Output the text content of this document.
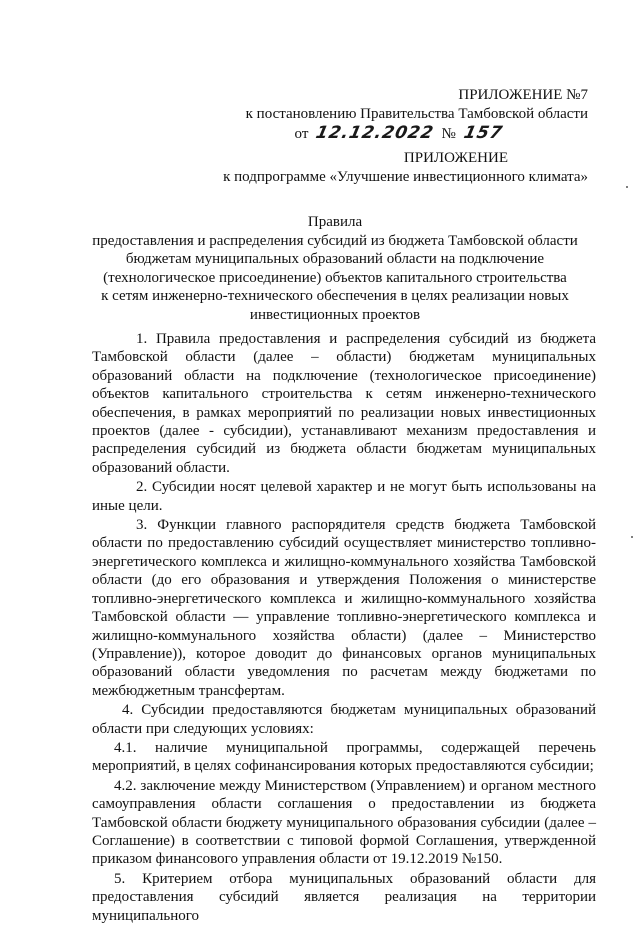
ПРИЛОЖЕНИЕ №7
к постановлению Правительства Тамбовской области
от 12.12.2022 № 157
ПРИЛОЖЕНИЕ
к подпрограмме «Улучшение инвестиционного климата»
Правила
предоставления и распределения субсидий из бюджета Тамбовской области
бюджетам муниципальных образований области на подключение
(технологическое присоединение) объектов капитального строительства
к сетям инженерно-технического обеспечения в целях реализации новых
инвестиционных проектов

1. Правила предоставления и распределения субсидий из бюджета Тамбовской области (далее – области) бюджетам муниципальных образований области на подключение (технологическое присоединение) объектов капитального строительства к сетям инженерно-технического обеспечения, в рамках мероприятий по реализации новых инвестиционных проектов (далее - субсидии), устанавливают механизм предоставления и распределения субсидий из бюджета области бюджетам муниципальных образований области.

2. Субсидии носят целевой характер и не могут быть использованы на иные цели.

3. Функции главного распорядителя средств бюджета Тамбовской области по предоставлению субсидий осуществляет министерство топливно-энергетического комплекса и жилищно-коммунального хозяйства Тамбовской области (до его образования и утверждения Положения о министерстве топливно-энергетического комплекса и жилищно-коммунального хозяйства Тамбовской области — управление топливно-энергетического комплекса и жилищно-коммунального хозяйства области) (далее – Министерство (Управление)), которое доводит до финансовых органов муниципальных образований области уведомления по расчетам между бюджетами по межбюджетным трансфертам.

4. Субсидии предоставляются бюджетам муниципальных образований области при следующих условиях:

4.1. наличие муниципальной программы, содержащей перечень мероприятий, в целях софинансирования которых предоставляются субсидии;

4.2. заключение между Министерством (Управлением) и органом местного самоуправления области соглашения о предоставлении из бюджета Тамбовской области бюджету муниципального образования субсидии (далее – Соглашение) в соответствии с типовой формой Соглашения, утвержденной приказом финансового управления области от 19.12.2019 №150.

5. Критерием отбора муниципальных образований области для предоставления субсидий является реализация на территории муниципального
